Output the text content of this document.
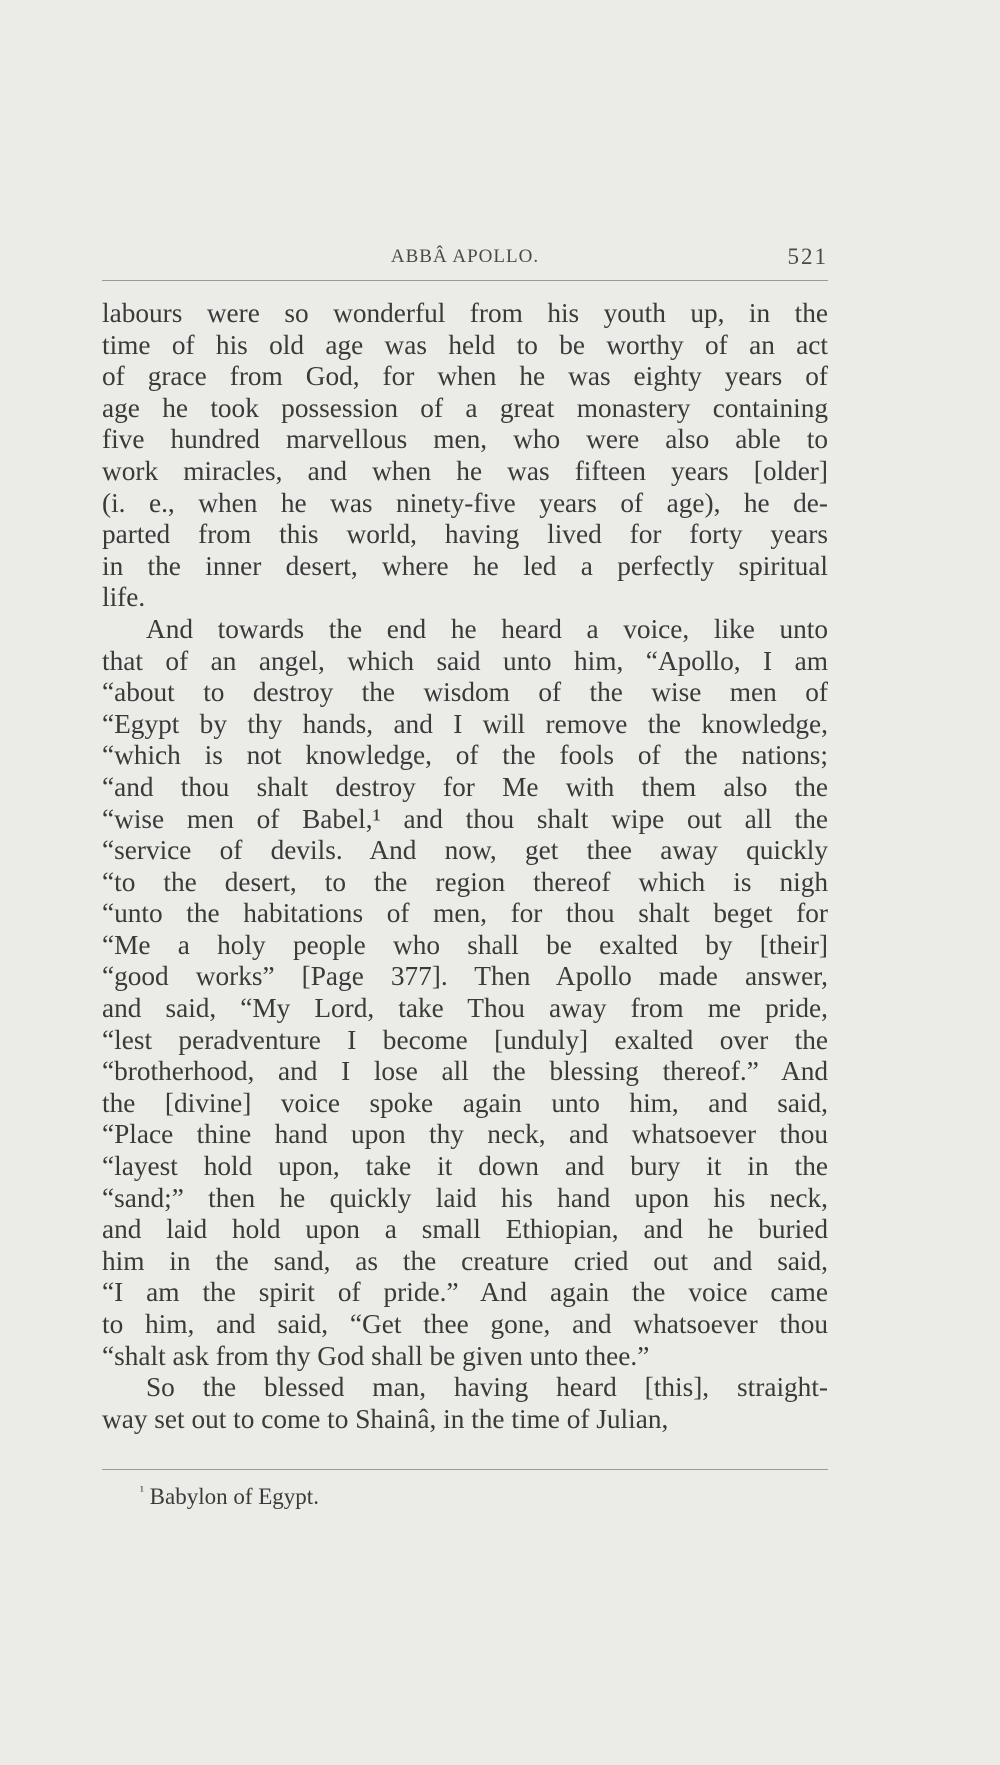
ABBÂ APOLLO.	521
labours were so wonderful from his youth up, in the
time of his old age was held to be worthy of an act
of grace from God, for when he was eighty years of
age he took possession of a great monastery containing
five hundred marvellous men, who were also able to
work miracles, and when he was fifteen years [older]
(i. e., when he was ninety-five years of age), he de-
parted from this world, having lived for forty years
in the inner desert, where he led a perfectly spiritual
life.
And towards the end he heard a voice, like unto
that of an angel, which said unto him, “Apollo, I am
“about to destroy the wisdom of the wise men of
“Egypt by thy hands, and I will remove the knowledge,
“which is not knowledge, of the fools of the nations;
“and thou shalt destroy for Me with them also the
“wise men of Babel,¹ and thou shalt wipe out all the
“service of devils. And now, get thee away quickly
“to the desert, to the region thereof which is nigh
“unto the habitations of men, for thou shalt beget for
“Me a holy people who shall be exalted by [their]
“good works” [Page 377]. Then Apollo made answer,
and said, “My Lord, take Thou away from me pride,
“lest peradventure I become [unduly] exalted over the
“brotherhood, and I lose all the blessing thereof.” And
the [divine] voice spoke again unto him, and said,
“Place thine hand upon thy neck, and whatsoever thou
“layest hold upon, take it down and bury it in the
“sand;” then he quickly laid his hand upon his neck,
and laid hold upon a small Ethiopian, and he buried
him in the sand, as the creature cried out and said,
“I am the spirit of pride.” And again the voice came
to him, and said, “Get thee gone, and whatsoever thou
“shalt ask from thy God shall be given unto thee.”
So the blessed man, having heard [this], straight-
way set out to come to Shainâ, in the time of Julian,
$^{^1}$ Babylon of Egypt.
